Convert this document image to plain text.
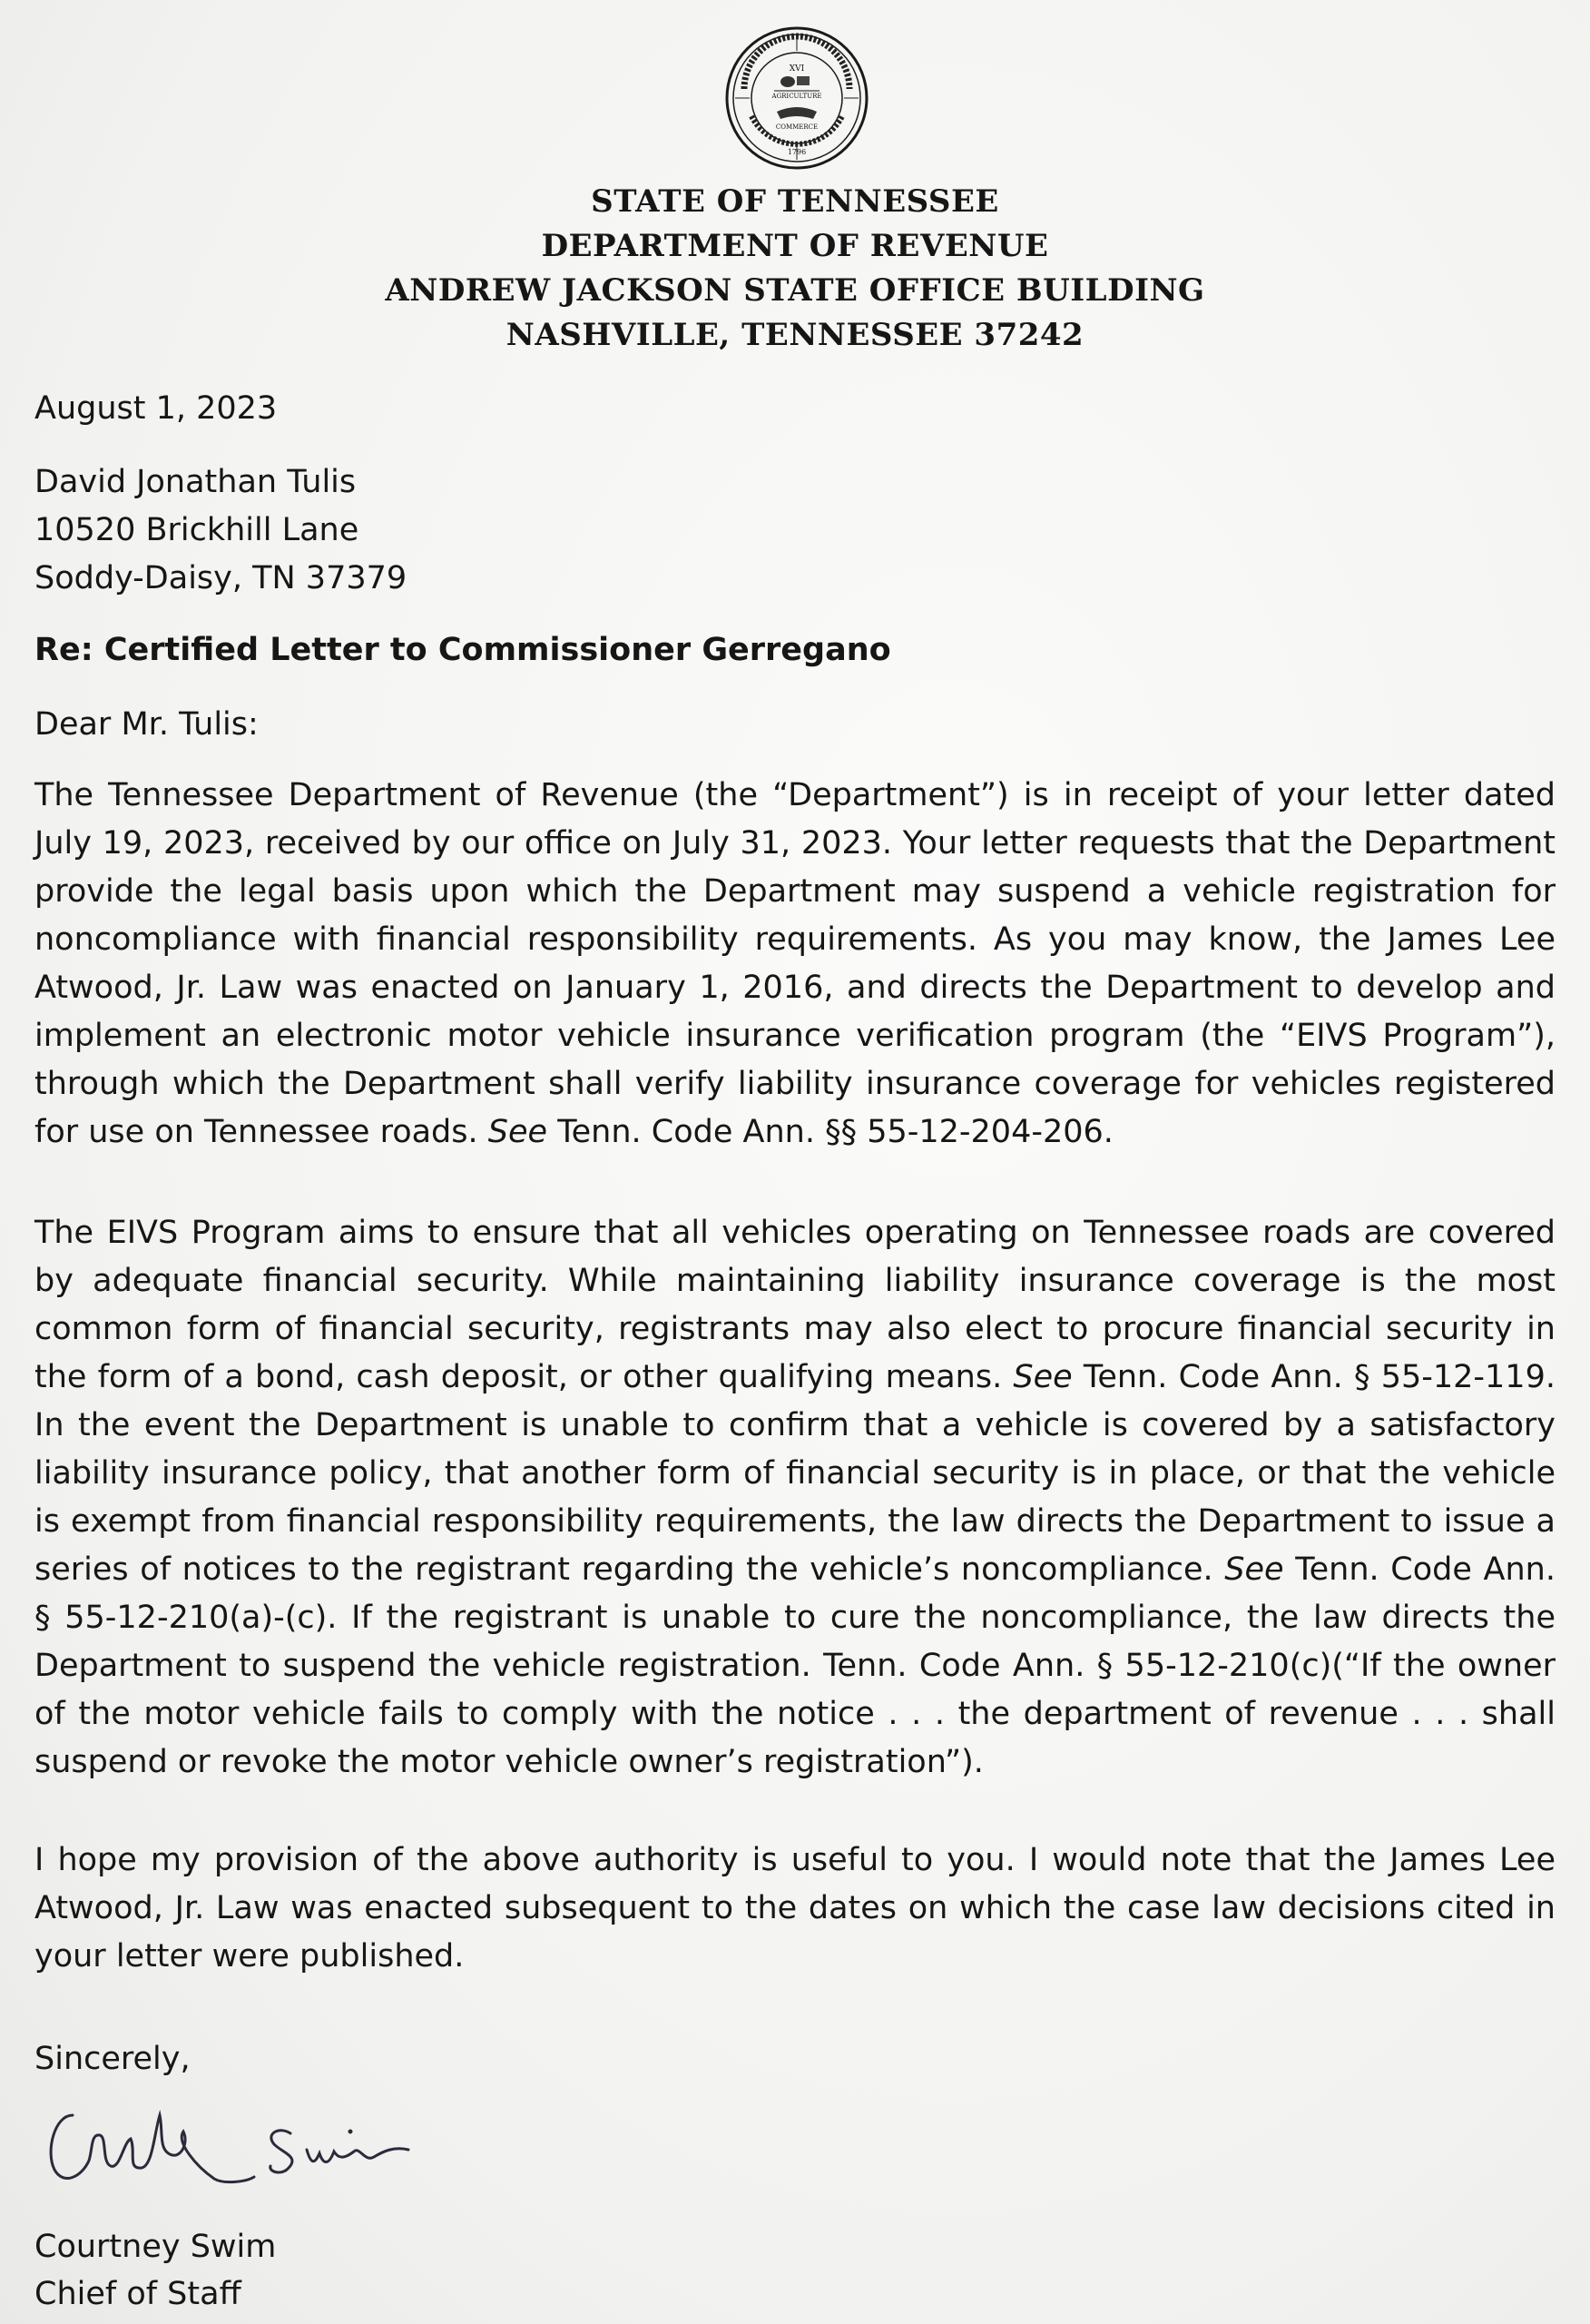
XVI
AGRICULTURE
COMMERCE
1796
STATE OF TENNESSEE
DEPARTMENT OF REVENUE
ANDREW JACKSON STATE OFFICE BUILDING
NASHVILLE, TENNESSEE 37242
August 1, 2023
David Jonathan Tulis
10520 Brickhill Lane
Soddy-Daisy, TN 37379
Re: Certified Letter to Commissioner Gerregano
Dear Mr. Tulis:
The Tennessee Department of Revenue (the “Department”) is in receipt of your letter dated July 19, 2023, received by our office on July 31, 2023. Your letter requests that the Department provide the legal basis upon which the Department may suspend a vehicle registration for noncompliance with financial responsibility requirements. As you may know, the James Lee Atwood, Jr. Law was enacted on January 1, 2016, and directs the Department to develop and implement an electronic motor vehicle insurance verification program (the “EIVS Program”), through which the Department shall verify liability insurance coverage for vehicles registered for use on Tennessee roads. See Tenn. Code Ann. §§ 55-12-204-206.
The EIVS Program aims to ensure that all vehicles operating on Tennessee roads are covered by adequate financial security. While maintaining liability insurance coverage is the most common form of financial security, registrants may also elect to procure financial security in the form of a bond, cash deposit, or other qualifying means. See Tenn. Code Ann. § 55-12-119. In the event the Department is unable to confirm that a vehicle is covered by a satisfactory liability insurance policy, that another form of financial security is in place, or that the vehicle is exempt from financial responsibility requirements, the law directs the Department to issue a series of notices to the registrant regarding the vehicle’s noncompliance. See Tenn. Code Ann. § 55-12-210(a)-(c). If the registrant is unable to cure the noncompliance, the law directs the Department to suspend the vehicle registration. Tenn. Code Ann. § 55-12-210(c)(“If the owner of the motor vehicle fails to comply with the notice . . . the department of revenue . . . shall suspend or revoke the motor vehicle owner’s registration”).
I hope my provision of the above authority is useful to you. I would note that the James Lee Atwood, Jr. Law was enacted subsequent to the dates on which the case law decisions cited in your letter were published.
Sincerely,
Courtney Swim
Chief of Staff
